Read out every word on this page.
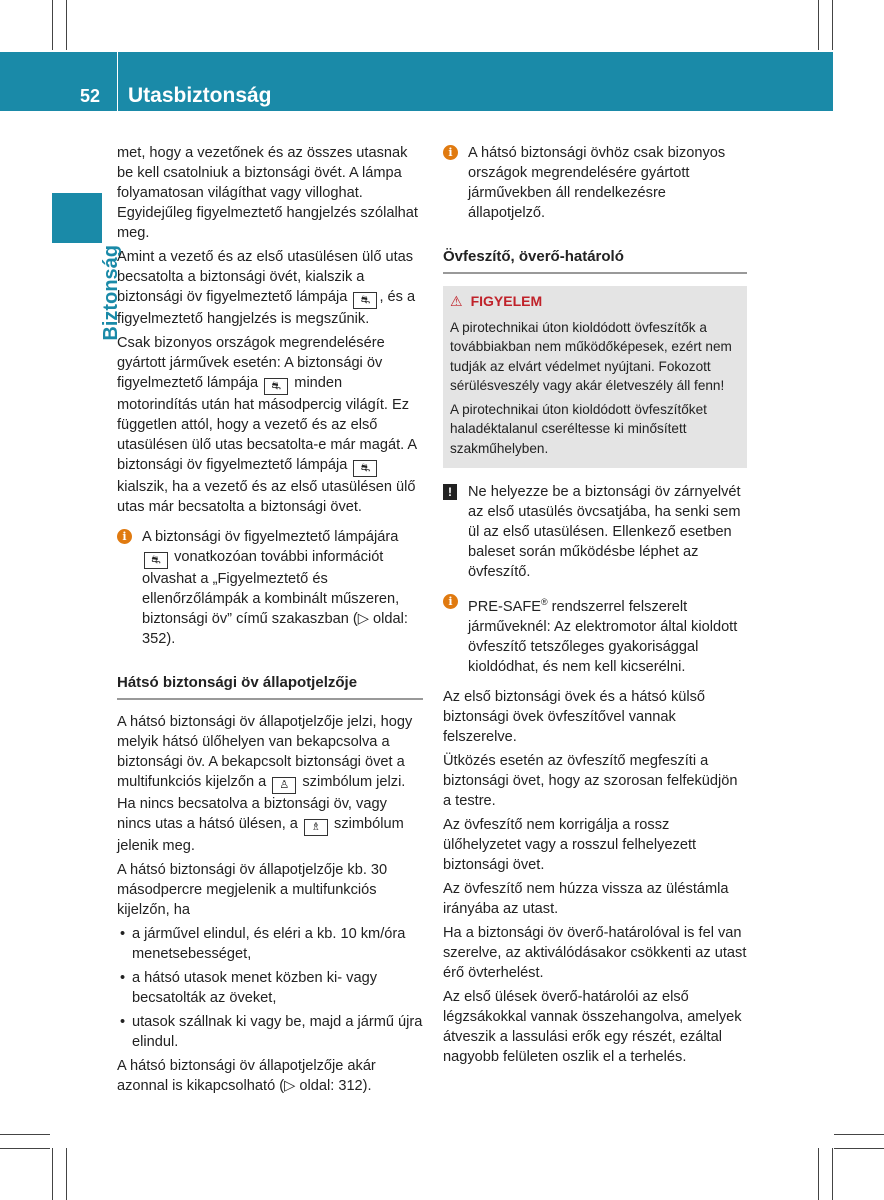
52 Utasbiztonság
Biztonság

met, hogy a vezetőnek és az összes utasnak be kell csatolniuk a biztonsági övét. A lámpa folyamatosan világíthat vagy villoghat. Egyidejűleg figyelmeztető hangjelzés szólalhat meg.

Amint a vezető és az első utasülésen ülő utas becsatolta a biztonsági övét, kialszik a biztonsági öv figyelmeztető lámpája ⛐ , és a figyelmeztető hangjelzés is megszűnik.

Csak bizonyos országok megrendelésére gyártott járművek esetén: A biztonsági öv figyelmeztető lámpája ⛐ minden motorindítás után hat másodpercig világít. Ez független attól, hogy a vezető és az első utasülésen ülő utas becsatolta-e már magát. A biztonsági öv figyelmeztető lámpája ⛐ kialszik, ha a vezető és az első utasülésen ülő utas már becsatolta a biztonsági övet.

i	A biztonsági öv figyelmeztető lámpájára ⛐ vonatkozóan további információt olvashat a „Figyelmeztető és ellenőrzőlámpák a kombinált műszeren, biztonsági öv” című szakaszban (▷ oldal: 352).
Hátsó biztonsági öv állapotjelzője

A hátsó biztonsági öv állapotjelzője jelzi, hogy melyik hátsó ülőhelyen van bekapcsolva a biztonsági öv. A bekapcsolt biztonsági övet a multifunkciós kijelzőn a ♙ szimbólum jelzi. Ha nincs becsatolva a biztonsági öv, vagy nincs utas a hátsó ülésen, a ♗ szimbólum jelenik meg.

A hátsó biztonsági öv állapotjelzője kb. 30 másodpercre megjelenik a multifunkciós kijelzőn, ha

• a járművel elindul, és eléri a kb. 10 km/óra menetsebességet,
• a hátsó utasok menet közben ki- vagy becsatolták az öveket,
• utasok szállnak ki vagy be, majd a jármű újra elindul.

A hátsó biztonsági öv állapotjelzője akár azonnal is kikapcsolható (▷ oldal: 312).

i	A hátsó biztonsági övhöz csak bizonyos országok megrendelésére gyártott járművekben áll rendelkezésre állapotjelző.
Övfeszítő, överő-határoló
⚠ FIGYELEM

A pirotechnikai úton kioldódott övfeszítők a továbbiakban nem működőképesek, ezért nem tudják az elvárt védelmet nyújtani. Fokozott sérülésveszély vagy akár életveszély áll fenn!

A pirotechnikai úton kioldódott övfeszítőket haladéktalanul cseréltesse ki minősített szakműhelyben.

!	Ne helyezze be a biztonsági öv zárnyelvét az első utasülés övcsatjába, ha senki sem ül az első utasülésen. Ellenkező esetben baleset során működésbe léphet az övfeszítő.
i	PRE-SAFE® rendszerrel felszerelt járműveknél: Az elektromotor által kioldott övfeszítő tetszőleges gyakorisággal kioldódhat, és nem kell kicserélni.

Az első biztonsági övek és a hátsó külső biztonsági övek övfeszítővel vannak felszerelve.

Ütközés esetén az övfeszítő megfeszíti a biztonsági övet, hogy az szorosan felfeküdjön a testre.

Az övfeszítő nem korrigálja a rossz ülőhelyzetet vagy a rosszul felhelyezett biztonsági övet.

Az övfeszítő nem húzza vissza az üléstámla irányába az utast.

Ha a biztonsági öv överő-határolóval is fel van szerelve, az aktiválódásakor csökkenti az utast érő övterhelést.

Az első ülések överő-határolói az első légzsákokkal vannak összehangolva, amelyek átveszik a lassulási erők egy részét, ezáltal nagyobb felületen oszlik el a terhelés.
